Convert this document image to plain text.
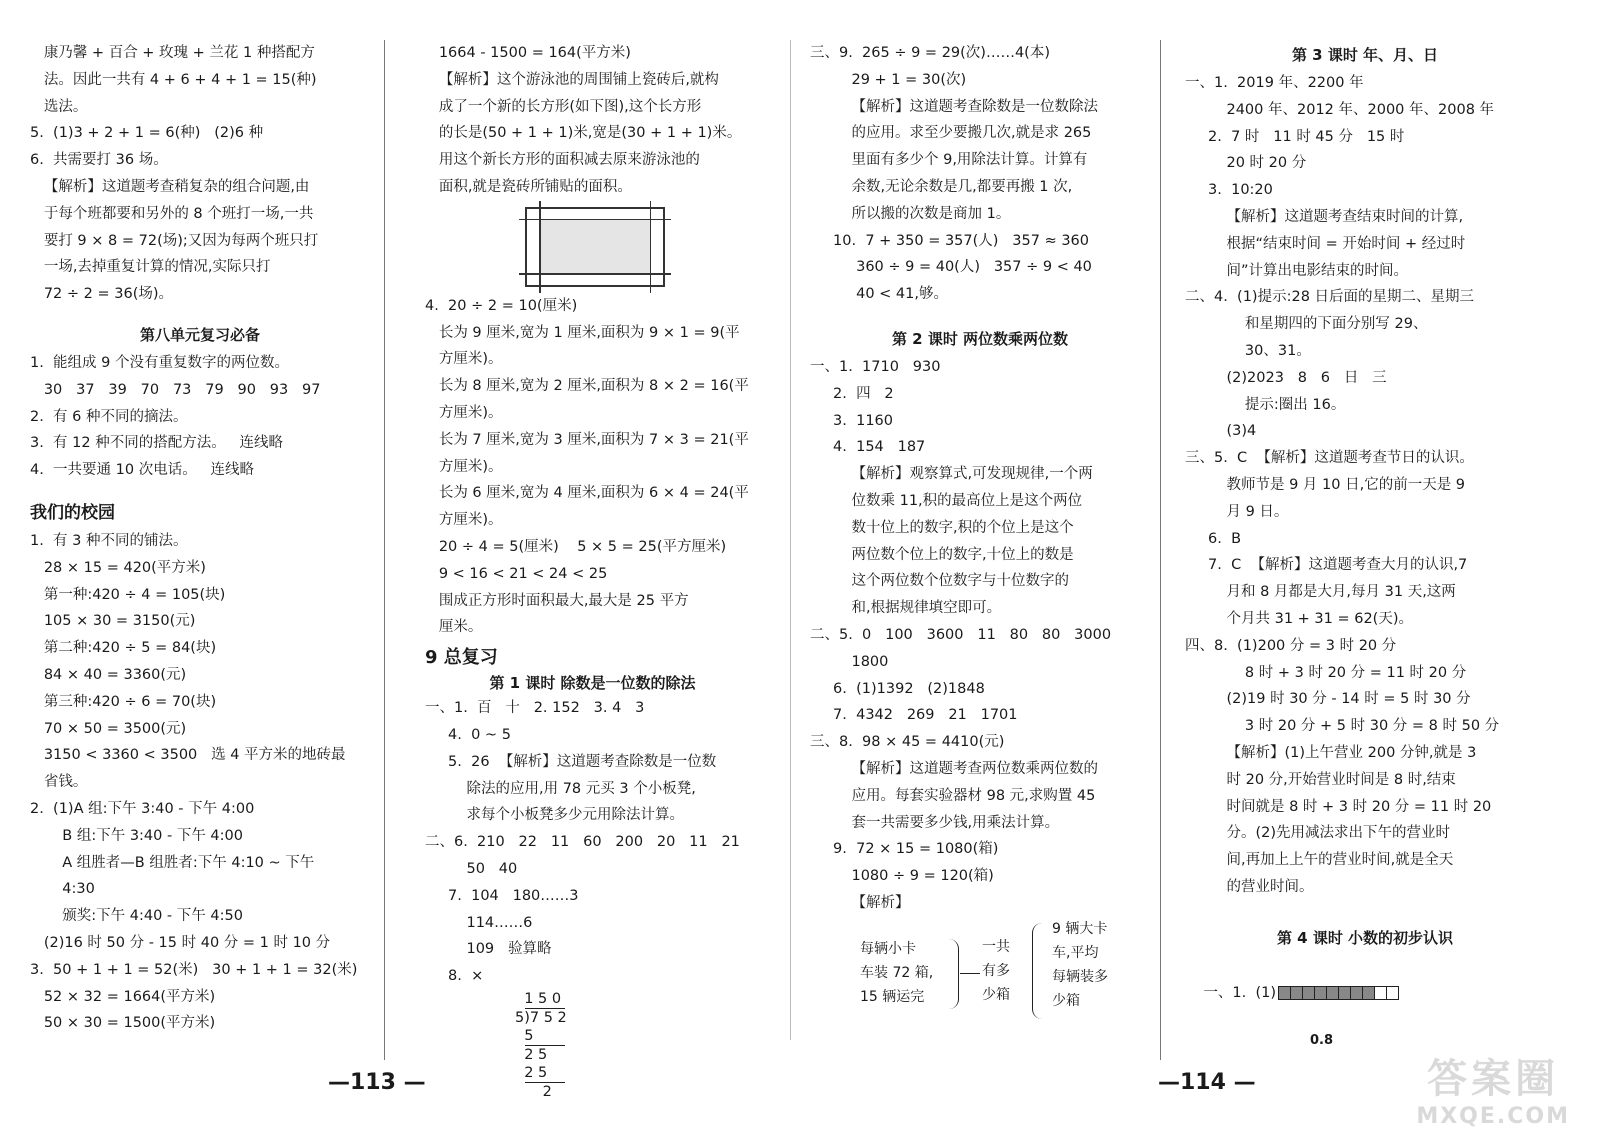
康乃馨 + 百合 + 玫瑰 + 兰花 1 种搭配方
法。因此一共有 4 + 6 + 4 + 1 = 15(种)
选法。
5.  (1)3 + 2 + 1 = 6(种)   (2)6 种
6.  共需要打 36 场。
【解析】这道题考查稍复杂的组合问题,由
于每个班都要和另外的 8 个班打一场,一共
要打 9 × 8 = 72(场);又因为每两个班只打
一场,去掉重复计算的情况,实际只打
72 ÷ 2 = 36(场)。
第八单元复习必备
1.  能组成 9 个没有重复数字的两位数。
30   37   39   70   73   79   90   93   97
2.  有 6 种不同的摘法。
3.  有 12 种不同的搭配方法。   连线略
4.  一共要通 10 次电话。   连线略
我们的校园
1.  有 3 种不同的铺法。
28 × 15 = 420(平方米)
第一种:420 ÷ 4 = 105(块)
105 × 30 = 3150(元)
第二种:420 ÷ 5 = 84(块)
84 × 40 = 3360(元)
第三种:420 ÷ 6 = 70(块)
70 × 50 = 3500(元)
3150 < 3360 < 3500   选 4 平方米的地砖最
省钱。
2.  (1)A 组:下午 3:40 - 下午 4:00
B 组:下午 3:40 - 下午 4:00
A 组胜者—B 组胜者:下午 4:10 ~ 下午
4:30
颁奖:下午 4:40 - 下午 4:50
(2)16 时 50 分 - 15 时 40 分 = 1 时 10 分
3.  50 + 1 + 1 = 52(米)   30 + 1 + 1 = 32(米)
52 × 32 = 1664(平方米)
50 × 30 = 1500(平方米)
1664 - 1500 = 164(平方米)
【解析】这个游泳池的周围铺上瓷砖后,就构
成了一个新的长方形(如下图),这个长方形
的长是(50 + 1 + 1)米,宽是(30 + 1 + 1)米。
用这个新长方形的面积减去原来游泳池的
面积,就是瓷砖所铺贴的面积。
4.  20 ÷ 2 = 10(厘米)
长为 9 厘米,宽为 1 厘米,面积为 9 × 1 = 9(平
方厘米)。
长为 8 厘米,宽为 2 厘米,面积为 8 × 2 = 16(平
方厘米)。
长为 7 厘米,宽为 3 厘米,面积为 7 × 3 = 21(平
方厘米)。
长为 6 厘米,宽为 4 厘米,面积为 6 × 4 = 24(平
方厘米)。
20 ÷ 4 = 5(厘米)    5 × 5 = 25(平方厘米)
9 < 16 < 21 < 24 < 25
围成正方形时面积最大,最大是 25 平方
厘米。
9 总复习
第 1 课时 除数是一位数的除法
一、1.  百   十   2. 152   3. 4   3
4.  0 ~ 5
5.  26  【解析】这道题考查除数是一位数
除法的应用,用 78 元买 3 个小板凳,
求每个小板凳多少元用除法计算。
二、6.  210   22   11   60   200   20   11   21
50   40
7.  104   180……3
114……6
109   验算略
8.  ×
1 5 0
5)7 5 2
5
2 5
2 5
2
三、9.  265 ÷ 9 = 29(次)……4(本)
29 + 1 = 30(次)
【解析】这道题考查除数是一位数除法
的应用。求至少要搬几次,就是求 265
里面有多少个 9,用除法计算。计算有
余数,无论余数是几,都要再搬 1 次,
所以搬的次数是商加 1。
10.  7 + 350 = 357(人)   357 ≈ 360
360 ÷ 9 = 40(人)   357 ÷ 9 < 40
40 < 41,够。
第 2 课时 两位数乘两位数
一、1.  1710   930
2.  四   2
3.  1160
4.  154   187
【解析】观察算式,可发现规律,一个两
位数乘 11,积的最高位上是这个两位
数十位上的数字,积的个位上是这个
两位数个位上的数字,十位上的数是
这个两位数个位数字与十位数字的
和,根据规律填空即可。
二、5.  0   100   3600   11   80   80   3000
1800
6.  (1)1392   (2)1848
7.  4342   269   21   1701
三、8.  98 × 45 = 4410(元)
【解析】这道题考查两位数乘两位数的
应用。每套实验器材 98 元,求购置 45
套一共需要多少钱,用乘法计算。
9.  72 × 15 = 1080(箱)
1080 ÷ 9 = 120(箱)
【解析】
每辆小卡
车装 72 箱,
15 辆运完
一共
有多
少箱
9 辆大卡
车,平均
每辆装多
少箱
第 3 课时 年、月、日
一、1.  2019 年、2200 年
2400 年、2012 年、2000 年、2008 年
2.  7 时   11 时 45 分   15 时
20 时 20 分
3.  10:20
【解析】这道题考查结束时间的计算,
根据“结束时间 = 开始时间 + 经过时
间”计算出电影结束的时间。
二、4.  (1)提示:28 日后面的星期二、星期三
和星期四的下面分别写 29、
30、31。
(2)2023   8   6   日   三
提示:圈出 16。
(3)4
三、5.  C  【解析】这道题考查节日的认识。
教师节是 9 月 10 日,它的前一天是 9
月 9 日。
6.  B
7.  C  【解析】这道题考查大月的认识,7
月和 8 月都是大月,每月 31 天,这两
个月共 31 + 31 = 62(天)。
四、8.  (1)200 分 = 3 时 20 分
8 时 + 3 时 20 分 = 11 时 20 分
(2)19 时 30 分 - 14 时 = 5 时 30 分
3 时 20 分 + 5 时 30 分 = 8 时 50 分
【解析】(1)上午营业 200 分钟,就是 3
时 20 分,开始营业时间是 8 时,结束
时间就是 8 时 + 3 时 20 分 = 11 时 20
分。(2)先用减法求出下午的营业时
间,再加上上午的营业时间,就是全天
的营业时间。
第 4 课时 小数的初步认识

一、1.  (1)

0.8
—113 —	—114 —	答案圈
MXQE.COM
